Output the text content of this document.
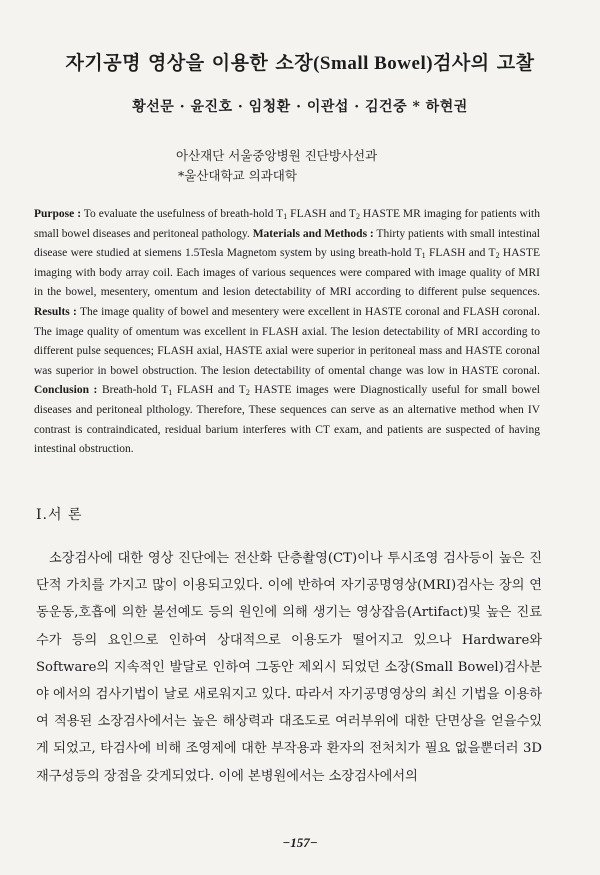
자기공명 영상을 이용한 소장(Small Bowel)검사의 고찰
황선문 · 윤진호 · 임청환 · 이관섭 · 김건중 * 하현권
아산재단 서울중앙병원 진단방사선과
*울산대학교 의과대학
Purpose : To evaluate the usefulness of breath-hold $T_1$ FLASH and $T_2$ HASTE MR imaging for patients with small bowel diseases and peritoneal pathology. Materials and Methods : Thirty patients with small intestinal disease were studied at siemens 1.5Tesla Magnetom system by using breath-hold $T_1$ FLASH and $T_2$ HASTE imaging with body array coil. Each images of various sequences were compared with image quality of MRI in the bowel, mesentery, omentum and lesion detectability of MRI according to different pulse sequences. Results : The image quality of bowel and mesentery were excellent in HASTE coronal and FLASH coronal. The image quality of omentum was excellent in FLASH axial. The lesion detectability of MRI according to different pulse sequences; FLASH axial, HASTE axial were superior in peritoneal mass and HASTE coronal was superior in bowel obstruction. The lesion detectability of omental change was low in HASTE coronal. Conclusion : Breath-hold $T_1$ FLASH and $T_2$ HASTE images were Diagnostically useful for small bowel diseases and peritoneal plthology. Therefore, These sequences can serve as an alternative method when IV contrast is contraindicated, residual barium interferes with CT exam, and patients are suspected of having intestinal obstruction.
I.서 론

소장검사에 대한 영상 진단에는 전산화 단층촬영(CT)이나 투시조영 검사등이 높은 진단적 가치를 가지고 많이 이용되고있다. 이에 반하여 자기공명영상(MRI)검사는 장의 연동운동,호흡에 의한 불선예도 등의 원인에 의해 생기는 영상잡음(Artifact)및 높은 진료수가 등의 요인으로 인하여 상대적으로 이용도가 떨어지고 있으나 Hardware와 Software의 지속적인 발달로 인하여 그동안 제외시 되었던 소장(Small Bowel)검사분야 에서의 검사기법이 날로 새로워지고 있다. 따라서 자기공명영상의 최신 기법을 이용하여 적용된 소장검사에서는 높은 해상력과 대조도로 여러부위에 대한 단면상을 얻을수있게 되었고, 타검사에 비해 조영제에 대한 부작용과 환자의 전처치가 필요 없을뿐더러 3D 재구성등의 장점을 갖게되었다. 이에 본병원에서는 소장검사에서의

−157−
